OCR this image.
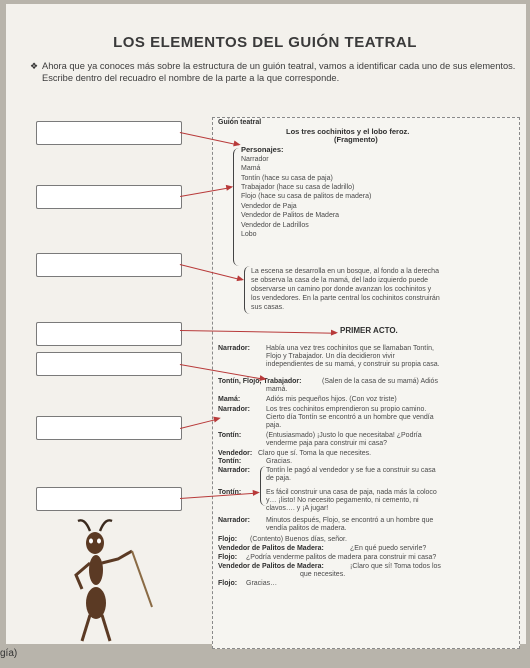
LOS ELEMENTOS DEL GUIÓN TEATRAL
❖ Ahora que ya conoces más sobre la estructura de un guión teatral, vamos a identificar cada uno de sus elementos. Escribe dentro del recuadro el nombre de la parte a la que corresponde.
Guión teatral
Los tres cochinitos y el lobo feroz.
(Fragmento)
Personajes:
Narrador
Mamá
Tontín (hace su casa de paja)
Trabajador (hace su casa de ladrillo)
Flojo (hace su casa de palitos de madera)
Vendedor de Paja
Vendedor de Palitos de Madera
Vendedor de Ladrillos
Lobo
La escena se desarrolla en un bosque, al fondo a la derecha
se observa la casa de la mamá, del lado izquierdo puede
observarse un camino por donde avanzan los cochinitos y
los vendedores. En la parte central los cochinitos construirán
sus casas.
PRIMER ACTO.
Narrador: Había una vez tres cochinitos que se llamaban Tontín,
Flojo y Trabajador. Un día decidieron vivir
independientes de su mamá, y construir su propia casa.
Tontín, Flojo, Trabajador:	(Salen de la casa de su mamá) Adiós
mamá.
Mamá:	Adiós mis pequeños hijos. (Con voz triste)
Narrador: Los tres cochinitos emprendieron su propio camino.
Cierto día Tontín se encontró a un hombre que vendía
paja.
Tontín:	(Entusiasmado) ¡Justo lo que necesitaba! ¿Podría
venderme paja para construir mi casa?
Vendedor: Claro que sí. Toma la que necesites.
Tontín:	Gracias.
Narrador: Tontín le pagó al vendedor y se fue a construir su casa
de paja.
Tontín:	Es fácil construir una casa de paja, nada más la coloco
y… ¡listo! No necesito pegamento, ni cemento, ni
clavos…. y ¡A jugar!
Narrador: Minutos después, Flojo, se encontró a un hombre que
vendía palitos de madera.
Flojo: (Contento) Buenos días, señor.
Vendedor de Palitos de Madera:	¿En qué puedo servirle?
Flojo: ¿Podría venderme palitos de madera para construir mi casa?
Vendedor de Palitos de Madera:	¡Claro que sí! Toma todos los
que necesites.
Flojo: Gracias…
gía)
